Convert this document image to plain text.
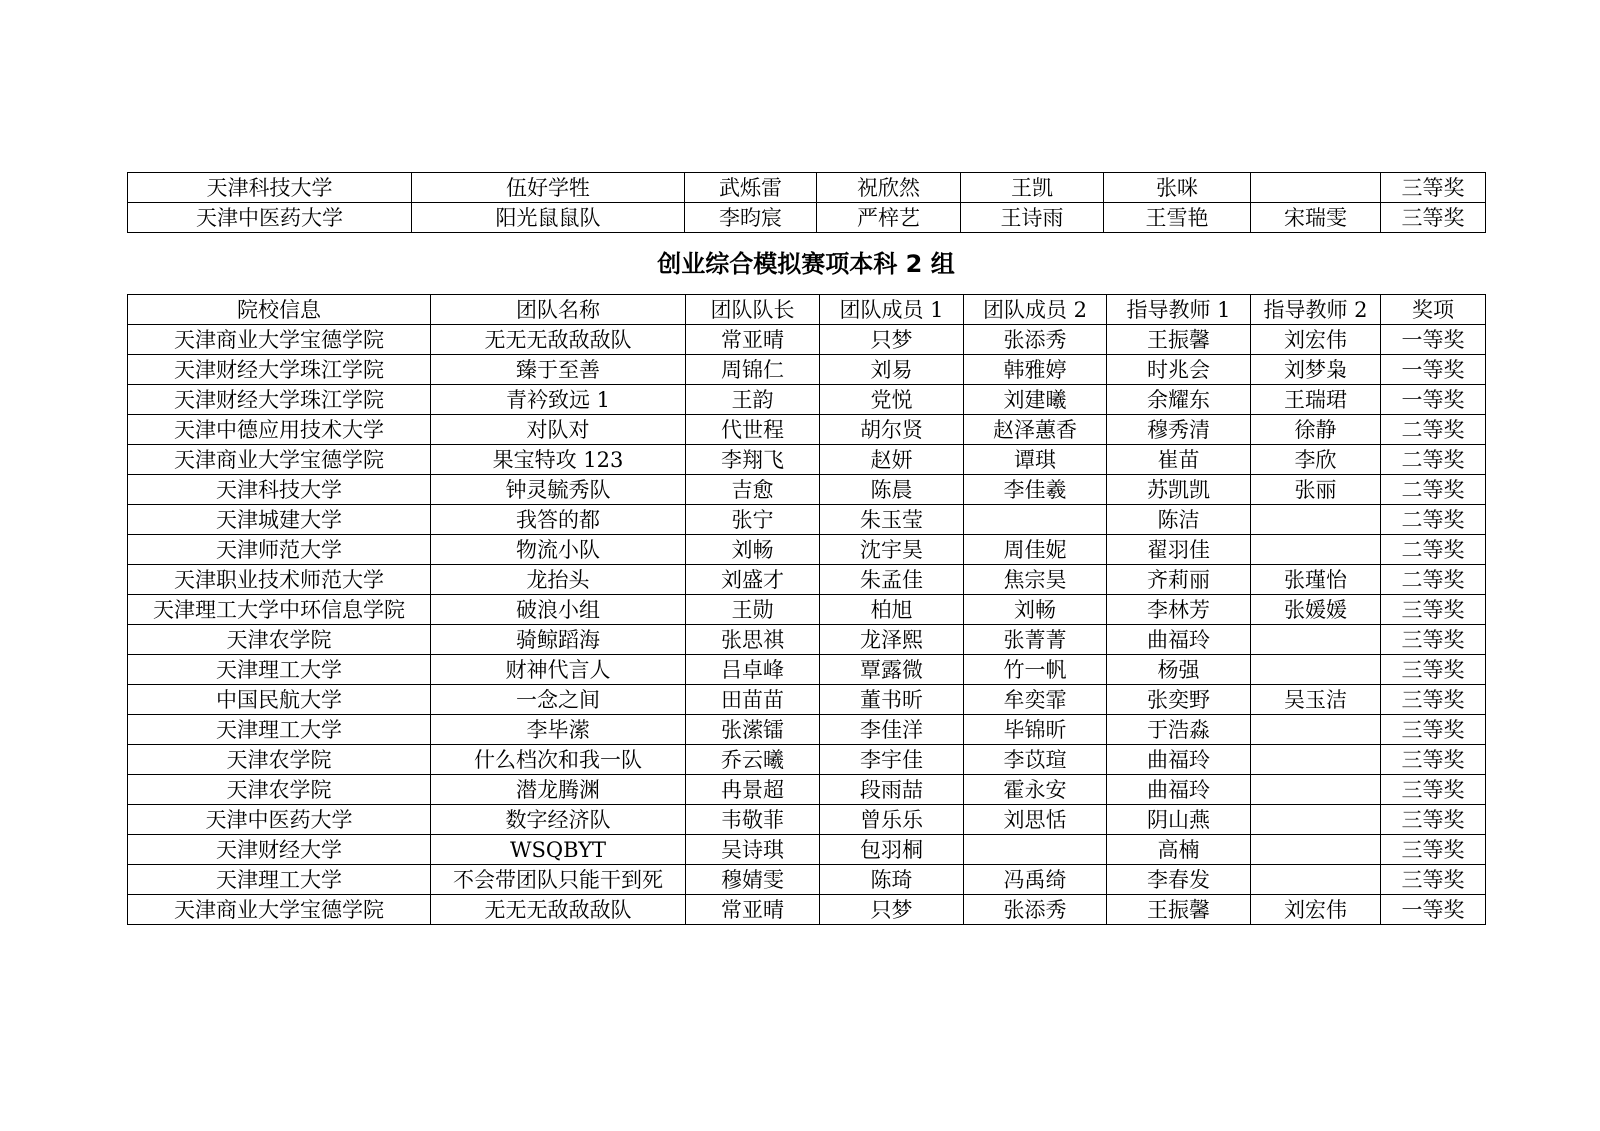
天津科技大学	伍好学牲	武烁雷	祝欣然	王凯	张咪		三等奖
天津中医药大学	阳光鼠鼠队	李昀宸	严梓艺	王诗雨	王雪艳	宋瑞雯	三等奖
创业综合模拟赛项本科 2 组
院校信息	团队名称	团队队长	团队成员 1	团队成员 2	指导教师 1	指导教师 2	奖项
天津商业大学宝德学院	无无无敌敌敌队	常亚晴	只梦	张添秀	王振馨	刘宏伟	一等奖
天津财经大学珠江学院	臻于至善	周锦仁	刘易	韩雅婷	时兆会	刘梦枭	一等奖
天津财经大学珠江学院	青衿致远 1	王韵	党悦	刘建曦	余耀东	王瑞珺	一等奖
天津中德应用技术大学	对队对	代世程	胡尔贤	赵泽蕙香	穆秀清	徐静	二等奖
天津商业大学宝德学院	果宝特攻 123	李翔飞	赵妍	谭琪	崔苗	李欣	二等奖
天津科技大学	钟灵毓秀队	吉愈	陈晨	李佳羲	苏凯凯	张丽	二等奖
天津城建大学	我答的都	张宁	朱玉莹		陈洁		二等奖
天津师范大学	物流小队	刘畅	沈宇昊	周佳妮	翟羽佳		二等奖
天津职业技术师范大学	龙抬头	刘盛才	朱孟佳	焦宗昊	齐莉丽	张瑾怡	二等奖
天津理工大学中环信息学院	破浪小组	王勋	柏旭	刘畅	李林芳	张媛媛	三等奖
天津农学院	骑鲸蹈海	张思祺	龙泽熙	张菁菁	曲福玲		三等奖
天津理工大学	财神代言人	吕卓峰	覃露微	竹一帆	杨强		三等奖
中国民航大学	一念之间	田苗苗	董书昕	牟奕霏	张奕野	吴玉洁	三等奖
天津理工大学	李毕潆	张潆镭	李佳洋	毕锦昕	于浩淼		三等奖
天津农学院	什么档次和我一队	乔云曦	李宇佳	李苡瑄	曲福玲		三等奖
天津农学院	潜龙腾渊	冉景超	段雨喆	霍永安	曲福玲		三等奖
天津中医药大学	数字经济队	韦敬菲	曾乐乐	刘思恬	阴山燕		三等奖
天津财经大学	WSQBYT	吴诗琪	包羽桐		高楠		三等奖
天津理工大学	不会带团队只能干到死	穆婧雯	陈琦	冯禹绮	李春发		三等奖
天津商业大学宝德学院	无无无敌敌敌队	常亚晴	只梦	张添秀	王振馨	刘宏伟	一等奖
